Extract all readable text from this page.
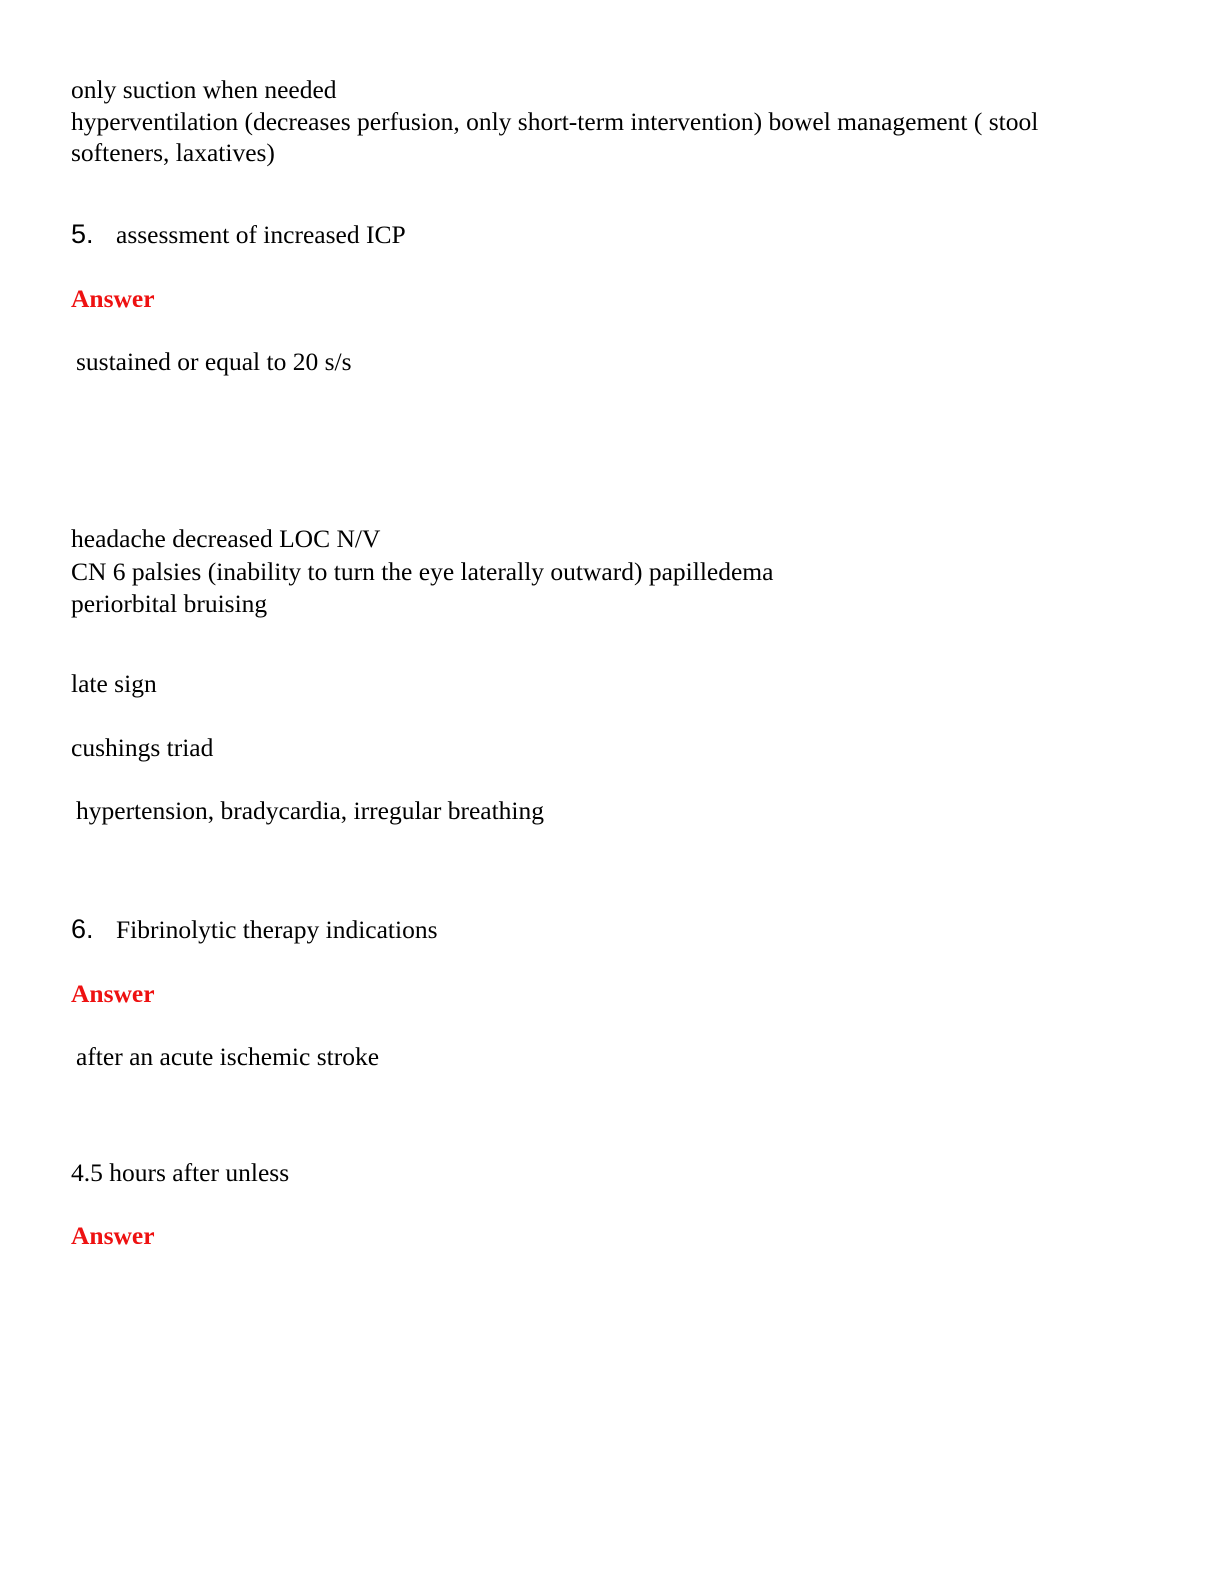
only suction when needed
hyperventilation (decreases perfusion, only short-term intervention) bowel management ( stool
softeners, laxatives)
5. assessment of increased ICP
Answer
sustained or equal to 20 s/s
headache decreased LOC N/V
CN 6 palsies (inability to turn the eye laterally outward) papilledema
periorbital bruising
late sign
cushings triad
hypertension, bradycardia, irregular breathing
6. Fibrinolytic therapy indications
Answer
after an acute ischemic stroke
4.5 hours after unless
Answer
